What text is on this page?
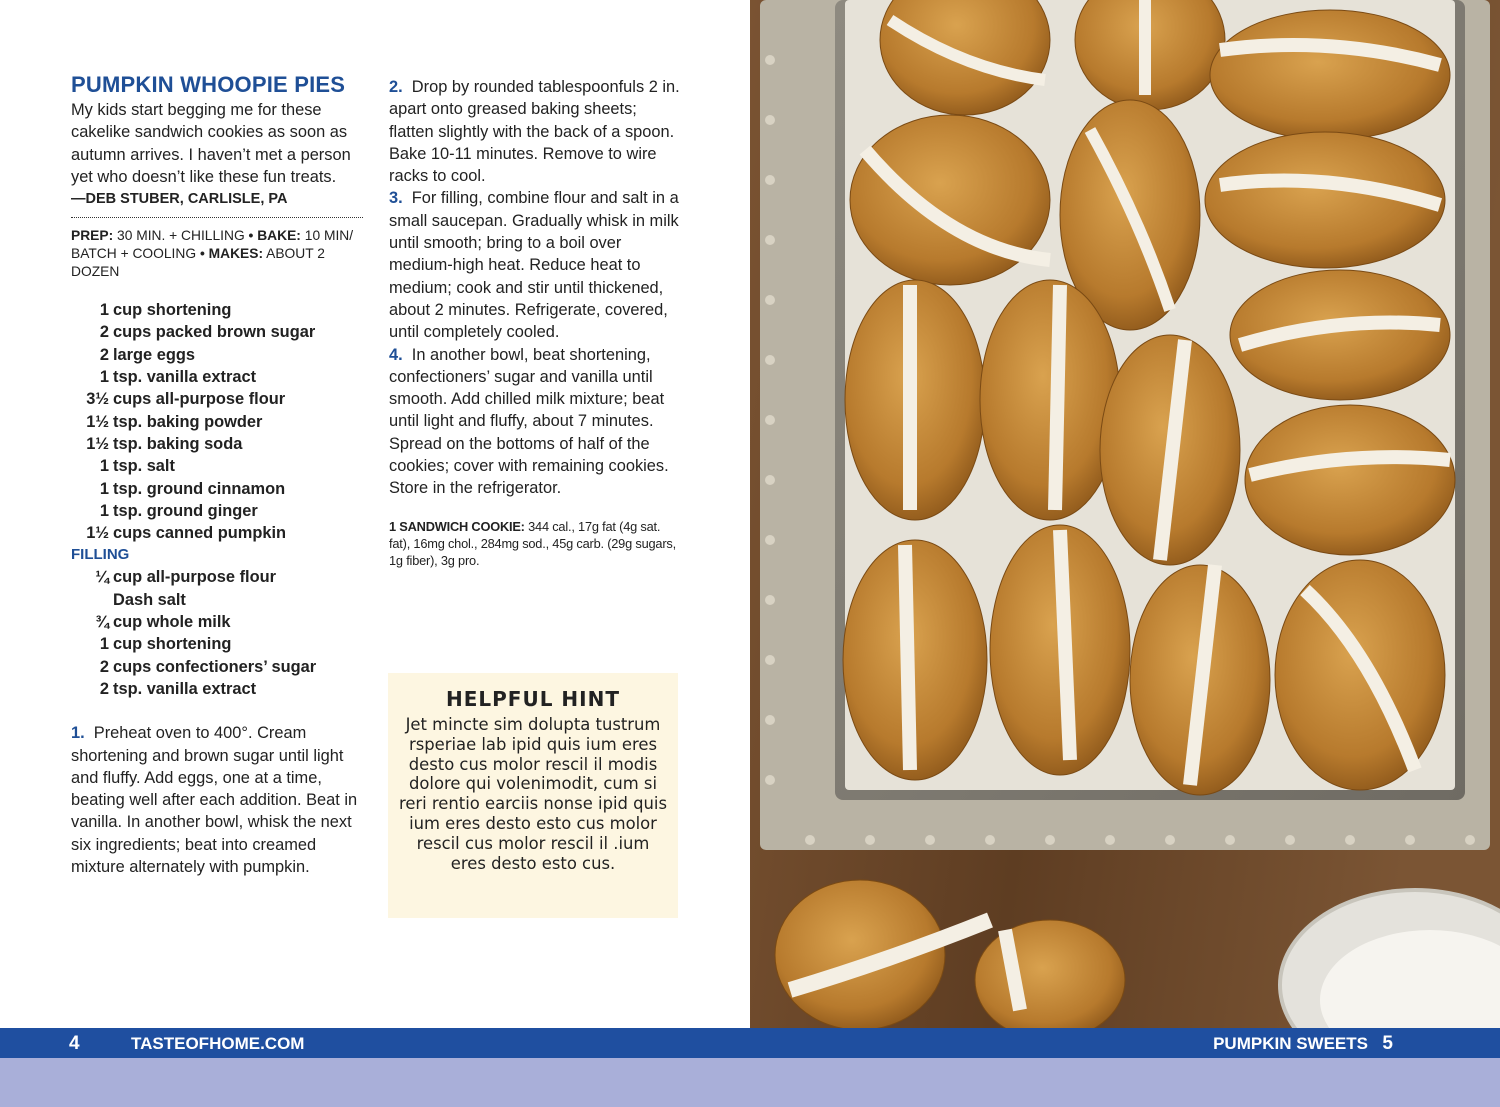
PUMPKIN WHOOPIE PIES

My kids start begging me for these cakelike sandwich cookies as soon as autumn arrives. I haven’t met a person yet who doesn’t like these fun treats.

—DEB STUBER, CARLISLE, PA
PREP: 30 MIN. + CHILLING • BAKE: 10 MIN/ BATCH + COOLING • MAKES: ABOUT 2 DOZEN
1 cup shortening
2 cups packed brown sugar
2 large eggs
1 tsp. vanilla extract
3½ cups all-purpose flour
1½ tsp. baking powder
1½ tsp. baking soda
1 tsp. salt
1 tsp. ground cinnamon
1 tsp. ground ginger
1½ cups canned pumpkin
FILLING
¼ cup all-purpose flour
Dash salt
¾ cup whole milk
1 cup shortening
2 cups confectioners’ sugar
2 tsp. vanilla extract

1. Preheat oven to 400°. Cream shortening and brown sugar until light and fluffy. Add eggs, one at a time, beating well after each addition. Beat in vanilla. In another bowl, whisk the next six ingredients; beat into creamed mixture alternately with pumpkin.

2. Drop by rounded tablespoonfuls 2 in. apart onto greased baking sheets; flatten slightly with the back of a spoon. Bake 10-11 minutes. Remove to wire racks to cool.

3. For filling, combine flour and salt in a small saucepan. Gradually whisk in milk until smooth; bring to a boil over medium-high heat. Reduce heat to medium; cook and stir until thickened, about 2 minutes. Refrigerate, covered, until completely cooled.

4. In another bowl, beat shortening, confectioners’ sugar and vanilla until smooth. Add chilled milk mixture; beat until light and fluffy, about 7 minutes. Spread on the bottoms of half of the cookies; cover with remaining cookies. Store in the refrigerator.

1 SANDWICH COOKIE: 344 cal., 17g fat (4g sat. fat), 16mg chol., 284mg sod., 45g carb. (29g sugars, 1g fiber), 3g pro.
HELPFUL HINT
Jet mincte sim dolupta tustrum rsperiae lab ipid quis ium eres desto cus molor rescil il modis dolore qui volenimodit, cum si reri rentio earciis nonse ipid quis ium eres desto esto cus molor rescil cus molor rescil il .ium eres desto esto cus.
4	TASTEOFHOME.COM	PUMPKIN SWEETS 5
